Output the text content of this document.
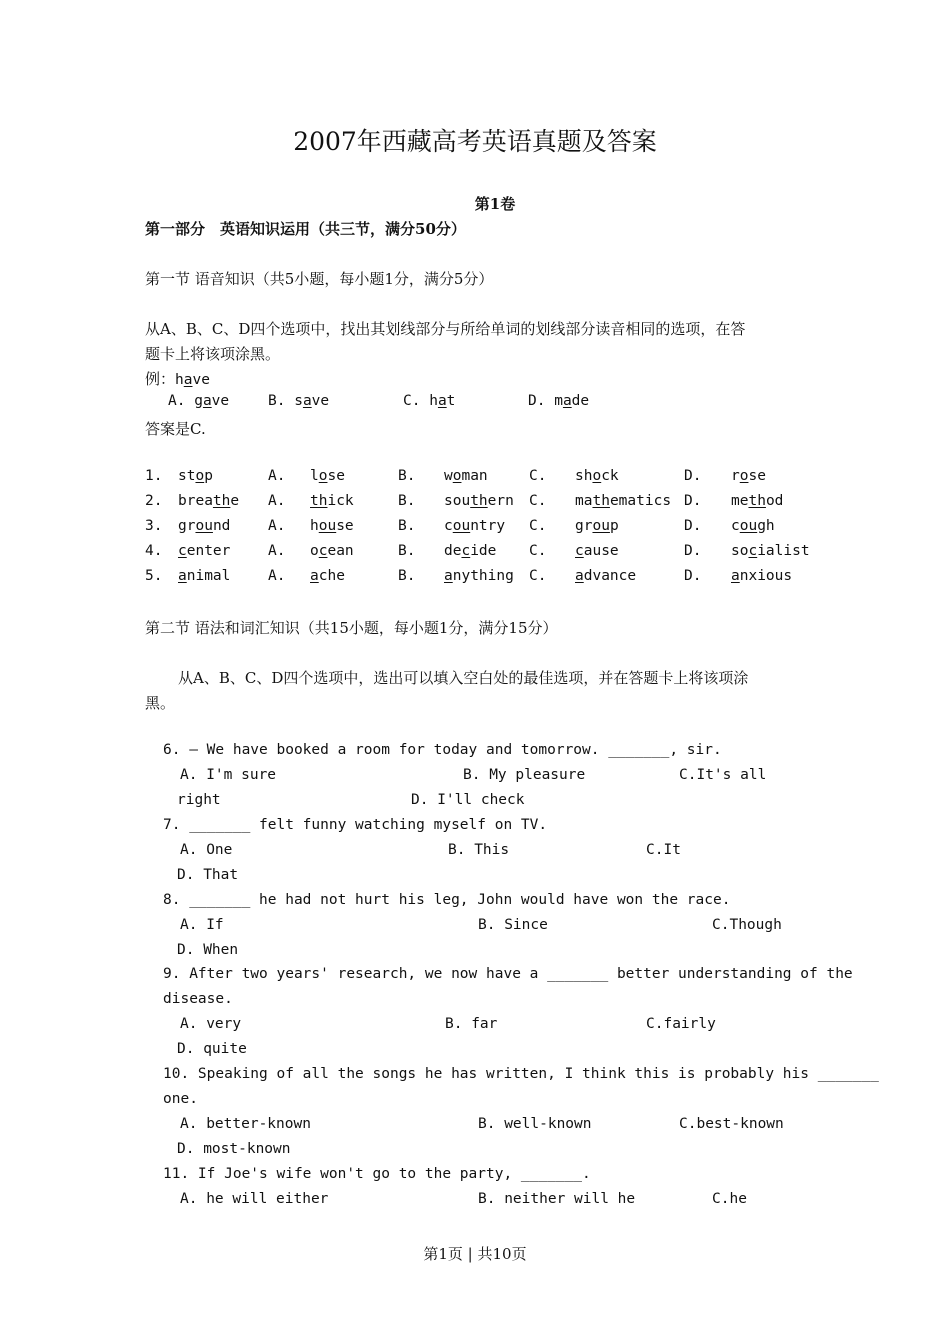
2007年西藏高考英语真题及答案
第1卷
第一部分　英语知识运用（共三节，满分50分）
第一节 语音知识（共5小题，每小题1分，满分5分）
从A、B、C、D四个选项中，找出其划线部分与所给单词的划线部分读音相同的选项，在答
题卡上将该项涂黑。
例：have
A. gave	B. save	C. hat	D. made
答案是C.
1. stop	A. lose	B. woman	C. shock	D. rose
2. breathe A. thick	B. southern C. mathematics D. method
3. ground	A. house	B. country C. group	D. cough
4. center	A. ocean	B. decide C. cause	D. socialist
5. animal	A. ache	B. anything C. advance	D. anxious
第二节 语法和词汇知识（共15小题，每小题1分，满分15分）
从A、B、C、D四个选项中，选出可以填入空白处的最佳选项，并在答题卡上将该项涂
黑。
6. — We have booked a room for today and tomorrow. _______, sir.
A. I'm sure	B. My pleasure	C.It's all
right	D. I'll check
7. _______ felt funny watching myself on TV.
A. One	B. This	C.It
D. That
8. _______ he had not hurt his leg, John would have won the race.
A. If	B. Since	C.Though
D. When
9. After two years' research, we now have a _______ better understanding of the
disease.
A. very	B. far	C.fairly
D. quite
10. Speaking of all the songs he has written, I think this is probably his _______
one.
A. better-known	B. well-known	C.best-known
D. most-known
11. If Joe's wife won't go to the party, _______.
A. he will either	B. neither will he	C.he
第1页 | 共10页
